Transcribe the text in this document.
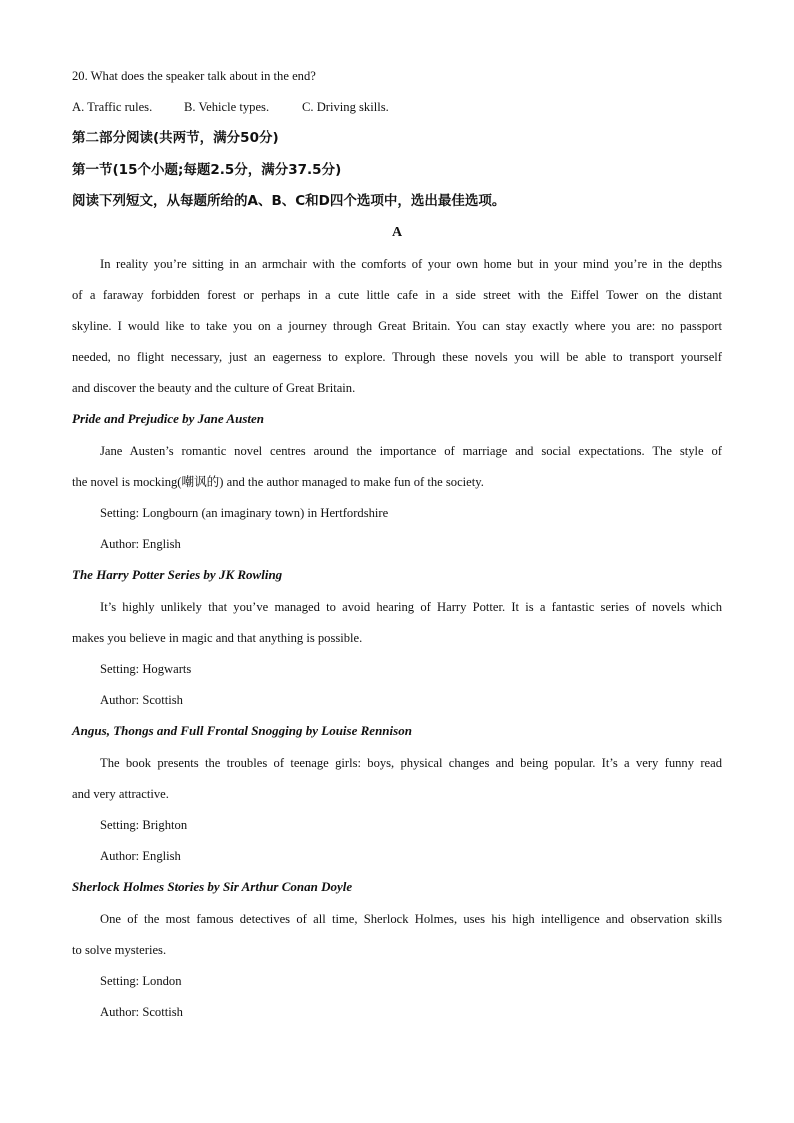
20. What does the speaker talk about in the end?
A. Traffic rules.	B. Vehicle types.	C. Driving skills.
第二部分阅读(共两节，满分50分)
第一节(15个小题;每题2.5分，满分37.5分)
阅读下列短文，从每题所给的A、B、C和D四个选项中，选出最佳选项。
A
In reality you’re sitting in an armchair with the comforts of your own home but in your mind you’re in the depths
of a faraway forbidden forest or perhaps in a cute little cafe in a side street with the Eiffel Tower on the distant
skyline. I would like to take you on a journey through Great Britain. You can stay exactly where you are: no passport
needed, no flight necessary, just an eagerness to explore. Through these novels you will be able to transport yourself
and discover the beauty and the culture of Great Britain.
Pride and Prejudice by Jane Austen
Jane Austen’s romantic novel centres around the importance of marriage and social expectations. The style of
the novel is mocking(嘲讽的) and the author managed to make fun of the society.
Setting: Longbourn (an imaginary town) in Hertfordshire
Author: English
The Harry Potter Series by JK Rowling
It’s highly unlikely that you’ve managed to avoid hearing of Harry Potter. It is a fantastic series of novels which
makes you believe in magic and that anything is possible.
Setting: Hogwarts
Author: Scottish
Angus, Thongs and Full Frontal Snogging by Louise Rennison
The book presents the troubles of teenage girls: boys, physical changes and being popular. It’s a very funny read
and very attractive.
Setting: Brighton
Author: English
Sherlock Holmes Stories by Sir Arthur Conan Doyle
One of the most famous detectives of all time, Sherlock Holmes, uses his high intelligence and observation skills
to solve mysteries.
Setting: London
Author: Scottish
